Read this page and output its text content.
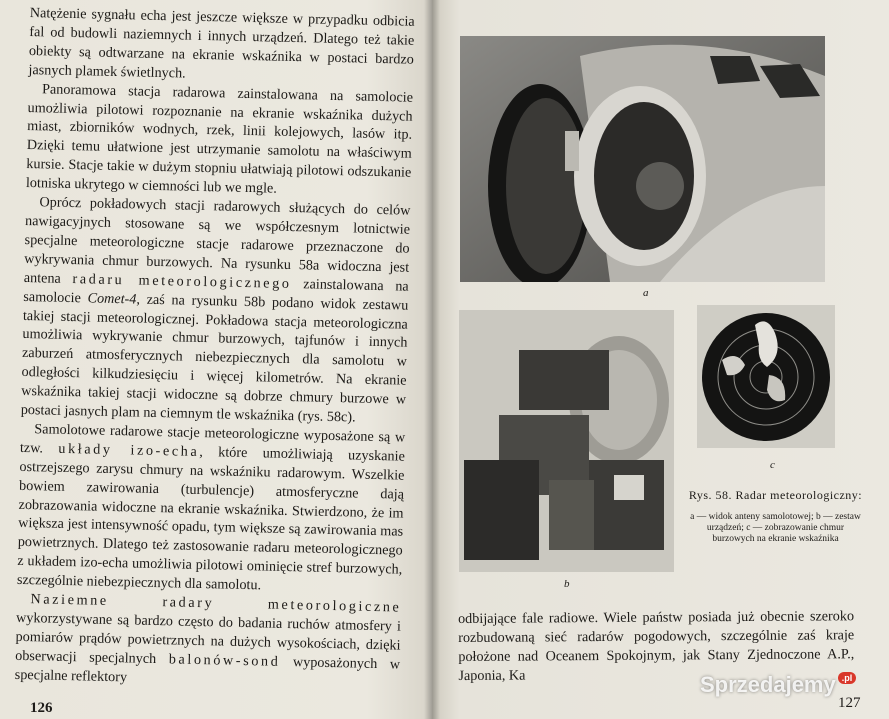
Natężenie sygnału echa jest jeszcze większe w przypadku odbicia fal od budowli naziemnych i innych urządzeń. Dlatego też takie obiekty są odtwarzane na ekranie wskaźnika w postaci bardzo jasnych plamek świetlnych.

Panoramowa stacja radarowa zainstalowana na samolocie umożliwia pilotowi rozpoznanie na ekranie wskaźnika dużych miast, zbiorników wodnych, rzek, linii kolejowych, lasów itp. Dzięki temu ułatwione jest utrzymanie samolotu na właściwym kursie. Stacje takie w dużym stopniu ułatwiają pilotowi odszukanie lotniska ukrytego w ciemności lub we mgle.

Oprócz pokładowych stacji radarowych służących do celów nawigacyjnych stosowane są we współczesnym lotnictwie specjalne meteorologiczne stacje radarowe przeznaczone do wykrywania chmur burzowych. Na rysunku 58a widoczna jest antena radaru meteorologicznego zainstalowana na samolocie Comet-4, zaś na rysunku 58b podano widok zestawu takiej stacji meteorologicznej. Pokładowa stacja meteorologiczna umożliwia wykrywanie chmur burzowych, tajfunów i innych zaburzeń atmosferycznych niebezpiecznych dla samolotu w odległości kilkudziesięciu i więcej kilometrów. Na ekranie wskaźnika takiej stacji widoczne są dobrze chmury burzowe w postaci jasnych plam na ciemnym tle wskaźnika (rys. 58c).

Samolotowe radarowe stacje meteorologiczne wyposażone są w tzw. układy izo-echa, które umożliwiają uzyskanie ostrzejszego zarysu chmury na wskaźniku radarowym. Wszelkie bowiem zawirowania (turbulencje) atmosferyczne dają zobrazowania widoczne na ekranie wskaźnika. Stwierdzono, że im większa jest intensywność opadu, tym większe są zawirowania mas powietrznych. Dlatego też zastosowanie radaru meteorologicznego z układem izo-echa umożliwia pilotowi ominięcie stref burzowych, szczególnie niebezpiecznych dla samolotu.

Naziemne radary meteorologiczne wykorzystywane są bardzo często do badania ruchów atmosfery i pomiarów prądów powietrznych na dużych wysokościach, dzięki obserwacji specjalnych balonów-sond wyposażonych w specjalne reflektory

126
a
b
c
Rys. 58. Radar meteorologiczny:
a — widok anteny samolotowej; b — zestaw urządzeń; c — zobrazowanie chmur burzowych na ekranie wskaźnika

odbijające fale radiowe. Wiele państw posiada już obecnie szeroko rozbudowaną sieć radarów pogodowych, szczególnie zaś kraje położone nad Oceanem Spokojnym, jak Stany Zjednoczone A.P., Japonia, Ka

127
Sprzedajemy .pl
